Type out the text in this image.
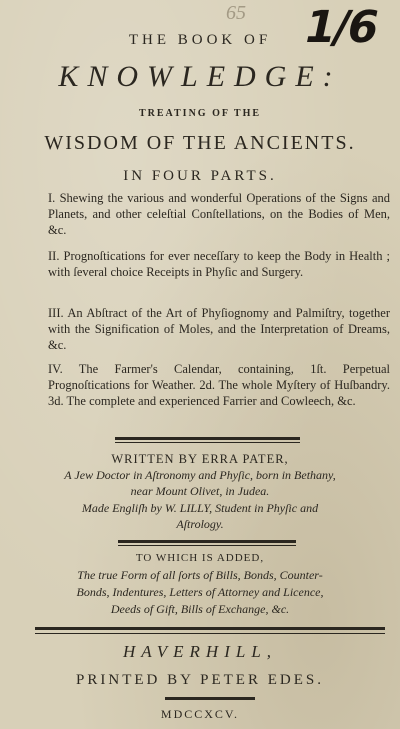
65 1/6
THE BOOK OF
KNOWLEDGE:
TREATING OF THE
WISDOM OF THE ANCIENTS.
IN FOUR PARTS.
I. Shewing the various and wonderful Operations of the Signs and Planets, and other celeſtial Conſtellations, on the Bodies of Men, &c.
II. Prognoſtications for ever neceſſary to keep the Body in Health ; with ſeveral choice Receipts in Phyſic and Surgery.
III. An Abſtract of the Art of Phyſiognomy and Palmiſtry, together with the Signification of Moles, and the Interpretation of Dreams, &c.
IV. The Farmer's Calendar, containing, 1ſt. Perpetual Prognoſtications for Weather. 2d. The whole Myſtery of Huſbandry. 3d. The complete and experienced Farrier and Cowleech, &c.
WRITTEN BY ERRA PATER,
A Jew Doctor in Aſtronomy and Phyſic, born in Bethany,
near Mount Olivet, in Judea.
Made Engliſh by W. LILLY, Student in Phyſic and
Aſtrology.
TO WHICH IS ADDED,
The true Form of all ſorts of Bills, Bonds, Counter-
Bonds, Indentures, Letters of Attorney and Licence,
Deeds of Gift, Bills of Exchange, &c.
HAVERHILL,
PRINTED BY PETER EDES.
MDCCXCV.
